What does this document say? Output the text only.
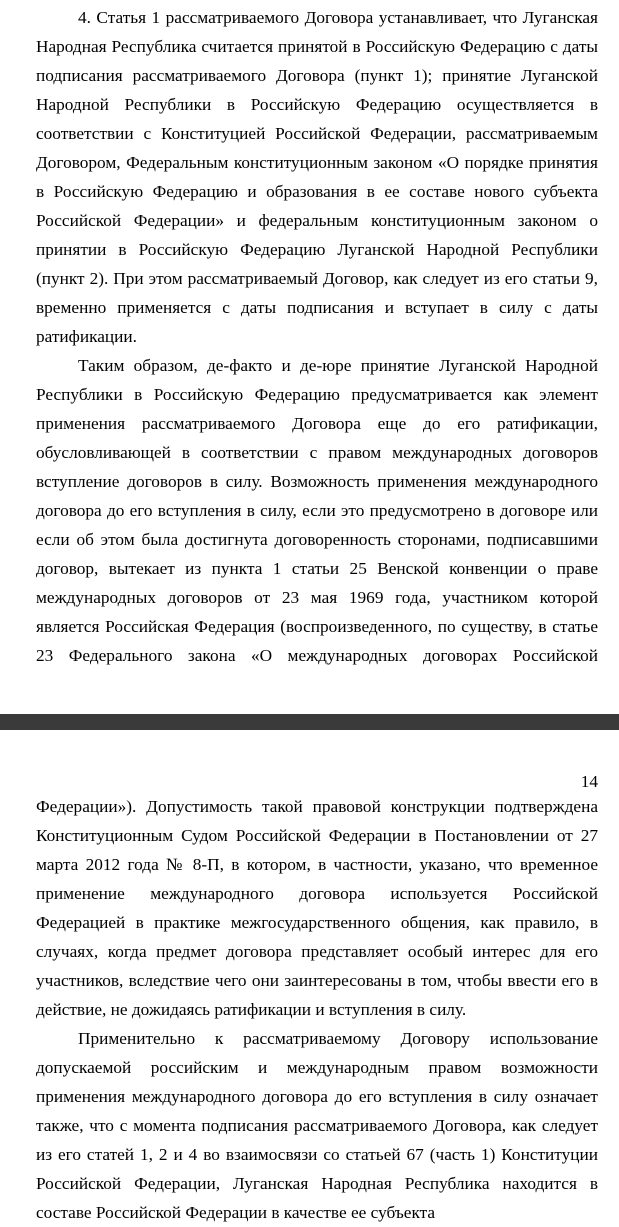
4. Статья 1 рассматриваемого Договора устанавливает, что Луганская Народная Республика считается принятой в Российскую Федерацию с даты подписания рассматриваемого Договора (пункт 1); принятие Луганской Народной Республики в Российскую Федерацию осуществляется в соответствии с Конституцией Российской Федерации, рассматриваемым Договором, Федеральным конституционным законом «О порядке принятия в Российскую Федерацию и образования в ее составе нового субъекта Российской Федерации» и федеральным конституционным законом о принятии в Российскую Федерацию Луганской Народной Республики (пункт 2). При этом рассматриваемый Договор, как следует из его статьи 9, временно применяется с даты подписания и вступает в силу с даты ратификации.

Таким образом, де-факто и де-юре принятие Луганской Народной Республики в Российскую Федерацию предусматривается как элемент применения рассматриваемого Договора еще до его ратификации, обусловливающей в соответствии с правом международных договоров вступление договоров в силу. Возможность применения международного договора до его вступления в силу, если это предусмотрено в договоре или если об этом была достигнута договоренность сторонами, подписавшими договор, вытекает из пункта 1 статьи 25 Венской конвенции о праве международных договоров от 23 мая 1969 года, участником которой является Российская Федерация (воспроизведенного, по существу, в статье 23 Федерального закона «О международных договорах Российской

14

Федерации»). Допустимость такой правовой конструкции подтверждена Конституционным Судом Российской Федерации в Постановлении от 27 марта 2012 года № 8-П, в котором, в частности, указано, что временное применение международного договора используется Российской Федерацией в практике межгосударственного общения, как правило, в случаях, когда предмет договора представляет особый интерес для его участников, вследствие чего они заинтересованы в том, чтобы ввести его в действие, не дожидаясь ратификации и вступления в силу.

Применительно к рассматриваемому Договору использование допускаемой российским и международным правом возможности применения международного договора до его вступления в силу означает также, что с момента подписания рассматриваемого Договора, как следует из его статей 1, 2 и 4 во взаимосвязи со статьей 67 (часть 1) Конституции Российской Федерации, Луганская Народная Республика находится в составе Российской Федерации в качестве ее субъекта
